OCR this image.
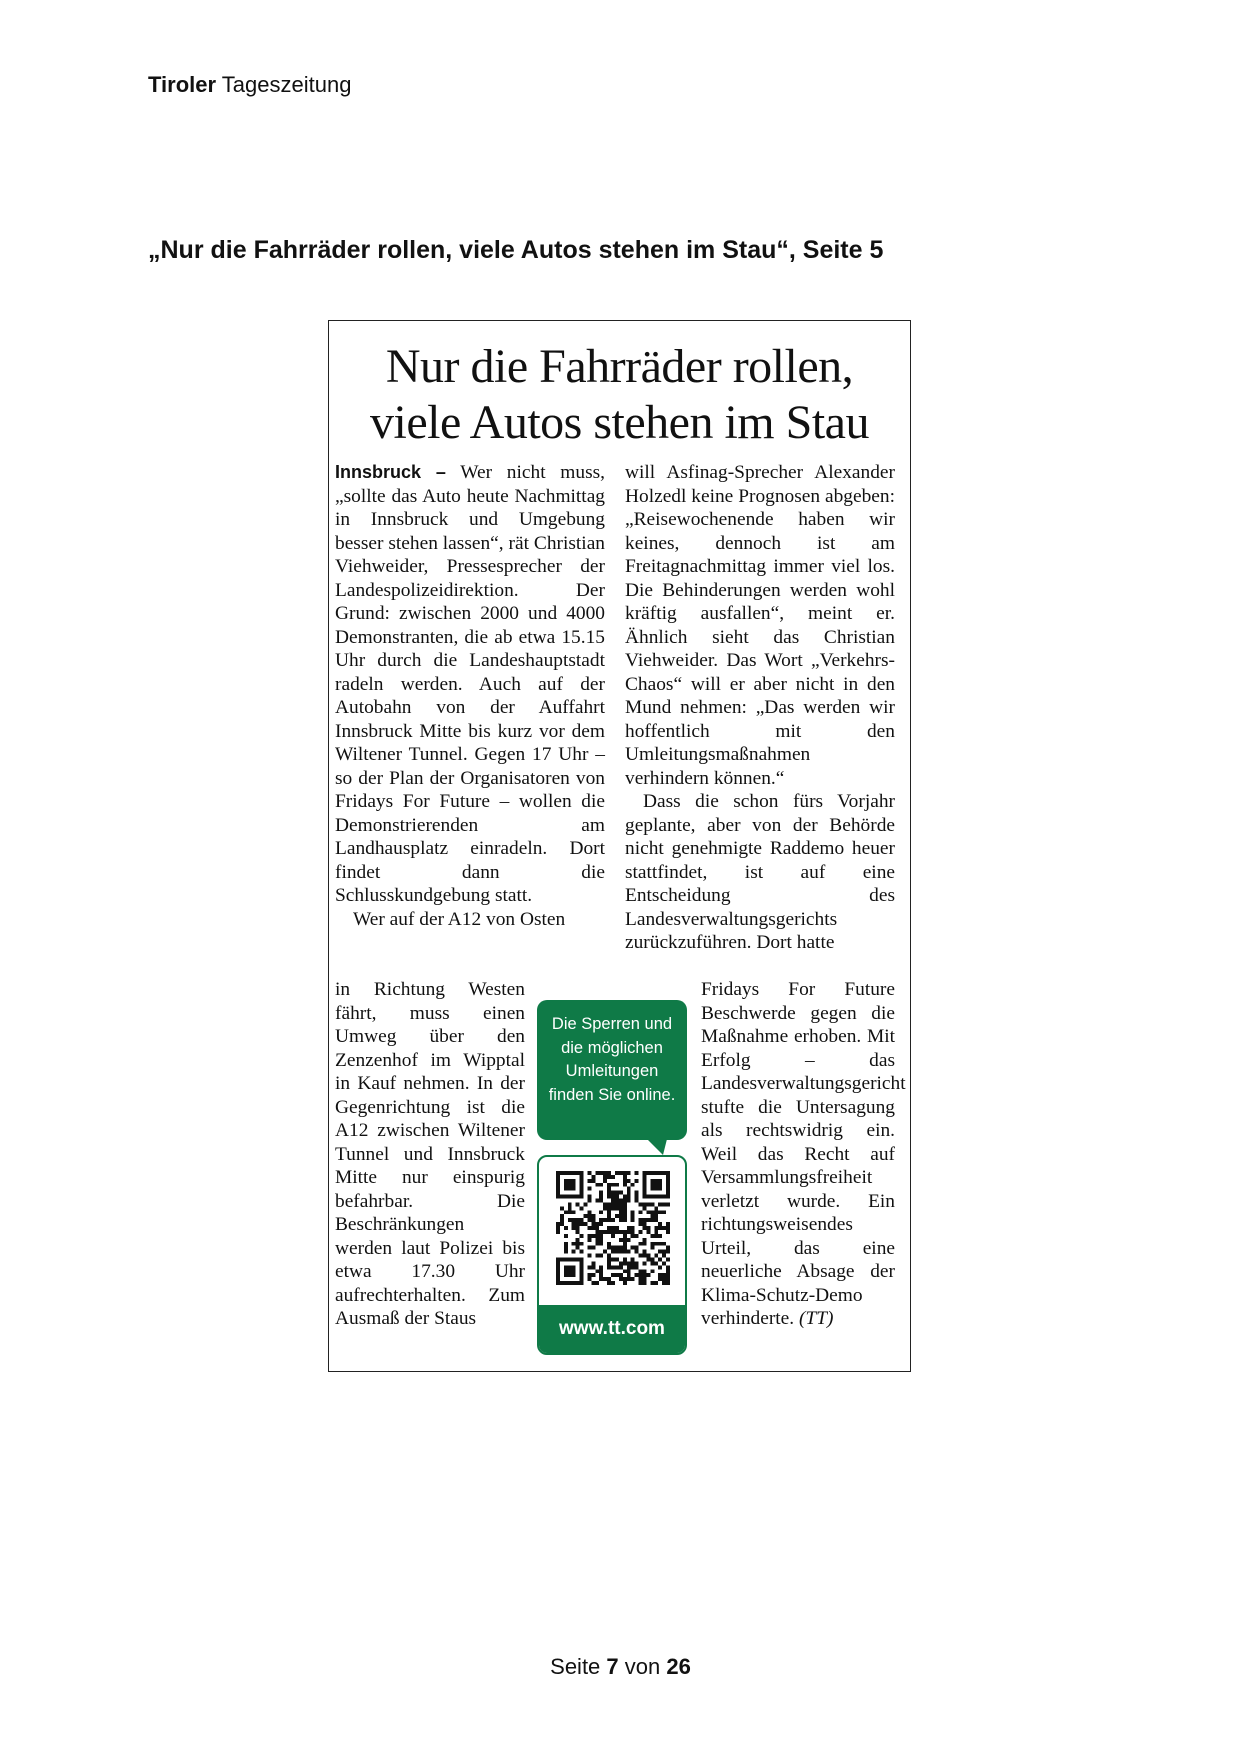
Tiroler Tageszeitung
„Nur die Fahrräder rollen, viele Autos stehen im Stau“, Seite 5
Nur die Fahrräder rollen,
viele Autos stehen im Stau

Innsbruck – Wer nicht muss, „sollte das Auto heute Nachmittag in Innsbruck und Umgebung besser stehen lassen“, rät Christian Viehweider, Pressesprecher der Landespolizeidirektion. Der Grund: zwischen 2000 und 4000 Demonstranten, die ab etwa 15.15 Uhr durch die Landeshauptstadt radeln werden. Auch auf der Autobahn von der Auffahrt Innsbruck Mitte bis kurz vor dem Wiltener Tunnel. Gegen 17 Uhr – so der Plan der Organisatoren von Fridays For Future – wollen die Demonstrierenden am Landhausplatz einradeln. Dort findet dann die Schlusskundgebung statt.

Wer auf der A12 von Osten

in Richtung Westen fährt, muss einen Umweg über den Zenzenhof im Wipptal in Kauf nehmen. In der Gegenrichtung ist die A12 zwischen Wiltener Tunnel und Innsbruck Mitte nur einspurig befahrbar. Die Beschränkungen werden laut Polizei bis etwa 17.30 Uhr aufrechterhalten. Zum Ausmaß der Staus

will Asfinag-Sprecher Alexander Holzedl keine Prognosen abgeben: „Reisewochenende haben wir keines, dennoch ist am Freitagnachmittag immer viel los. Die Behinderungen werden wohl kräftig ausfallen“, meint er. Ähnlich sieht das Christian Viehweider. Das Wort „Verkehrs-Chaos“ will er aber nicht in den Mund nehmen: „Das werden wir hoffentlich mit den Umleitungsmaßnahmen verhindern können.“

Dass die schon fürs Vorjahr geplante, aber von der Behörde nicht genehmigte Raddemo heuer stattfindet, ist auf eine Entscheidung des Landesverwaltungsgerichts zurückzuführen. Dort hatte

Fridays For Future Beschwerde gegen die Maßnahme erhoben. Mit Erfolg – das Landesverwaltungsgericht stufte die Untersagung als rechtswidrig ein. Weil das Recht auf Versammlungsfreiheit verletzt wurde. Ein richtungsweisendes Urteil, das eine neuerliche Absage der Klima-Schutz-Demo verhinderte. (TT)

Die Sperren und die möglichen Umleitungen finden Sie online.
www.tt.com
Seite 7 von 26
